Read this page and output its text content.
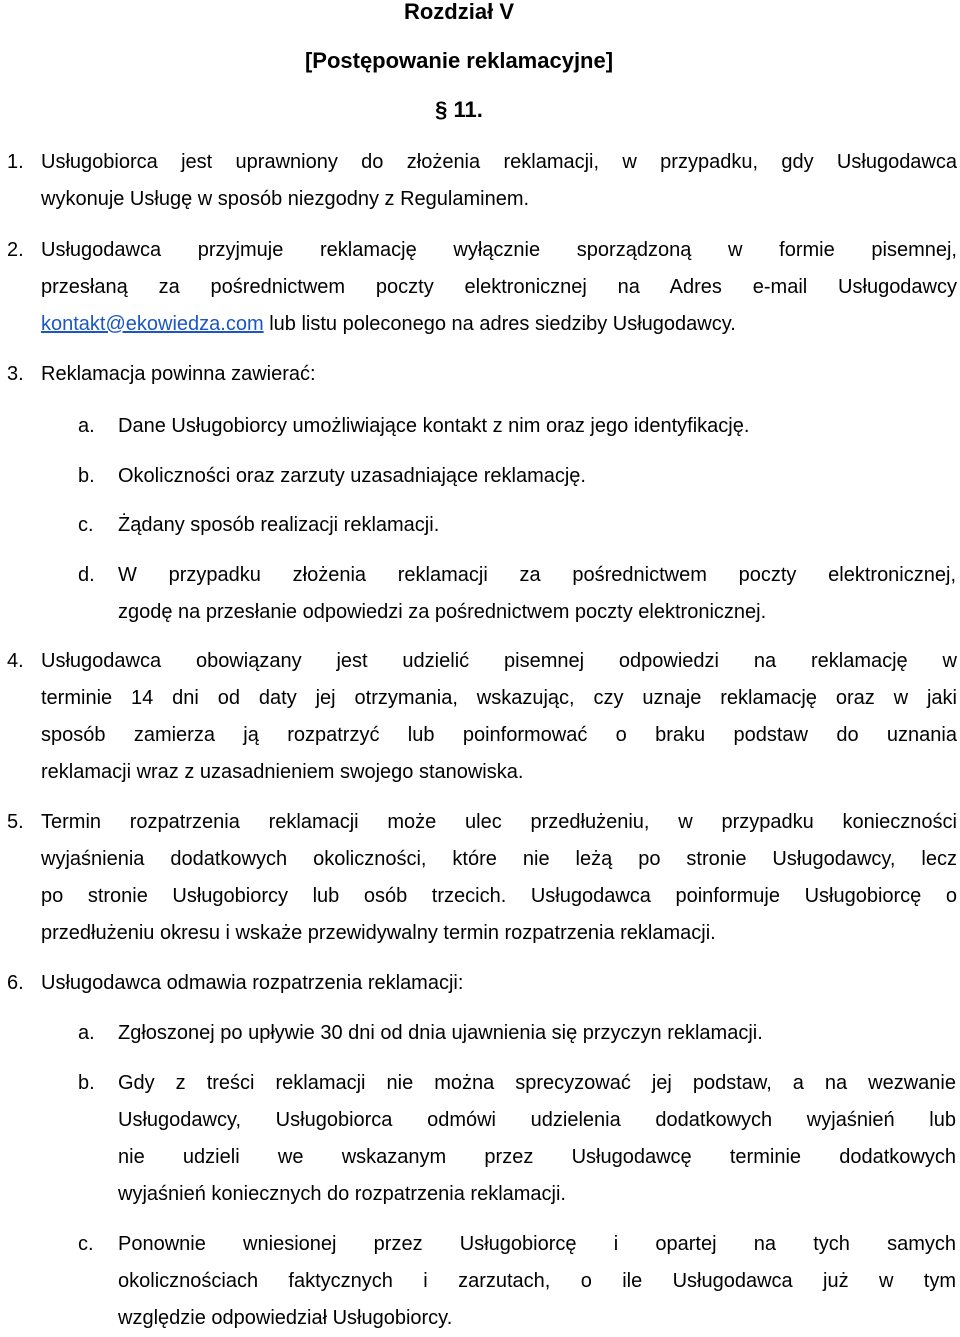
Rozdział V
[Postępowanie reklamacyjne]
§ 11.
1. Usługobiorca jest uprawniony do złożenia reklamacji, w przypadku, gdy Usługodawca
wykonuje Usługę w sposób niezgodny z Regulaminem.
2. Usługodawca przyjmuje reklamację wyłącznie sporządzoną w formie pisemnej,
przesłaną za pośrednictwem poczty elektronicznej na Adres e-mail Usługodawcy
kontakt@ekowiedza.com lub listu poleconego na adres siedziby Usługodawcy.
3. Reklamacja powinna zawierać:
a. Dane Usługobiorcy umożliwiające kontakt z nim oraz jego identyfikację.
b. Okoliczności oraz zarzuty uzasadniające reklamację.
c. Żądany sposób realizacji reklamacji.
d. W przypadku złożenia reklamacji za pośrednictwem poczty elektronicznej,
zgodę na przesłanie odpowiedzi za pośrednictwem poczty elektronicznej.
4. Usługodawca obowiązany jest udzielić pisemnej odpowiedzi na reklamację w
terminie 14 dni od daty jej otrzymania, wskazując, czy uznaje reklamację oraz w jaki
sposób zamierza ją rozpatrzyć lub poinformować o braku podstaw do uznania
reklamacji wraz z uzasadnieniem swojego stanowiska.
5. Termin rozpatrzenia reklamacji może ulec przedłużeniu, w przypadku konieczności
wyjaśnienia dodatkowych okoliczności, które nie leżą po stronie Usługodawcy, lecz
po stronie Usługobiorcy lub osób trzecich. Usługodawca poinformuje Usługobiorcę o
przedłużeniu okresu i wskaże przewidywalny termin rozpatrzenia reklamacji.
6. Usługodawca odmawia rozpatrzenia reklamacji:
a. Zgłoszonej po upływie 30 dni od dnia ujawnienia się przyczyn reklamacji.
b. Gdy z treści reklamacji nie można sprecyzować jej podstaw, a na wezwanie
Usługodawcy, Usługobiorca odmówi udzielenia dodatkowych wyjaśnień lub
nie udzieli we wskazanym przez Usługodawcę terminie dodatkowych
wyjaśnień koniecznych do rozpatrzenia reklamacji.
c. Ponownie wniesionej przez Usługobiorcę i opartej na tych samych
okolicznościach faktycznych i zarzutach, o ile Usługodawca już w tym
względzie odpowiedział Usługobiorcy.
